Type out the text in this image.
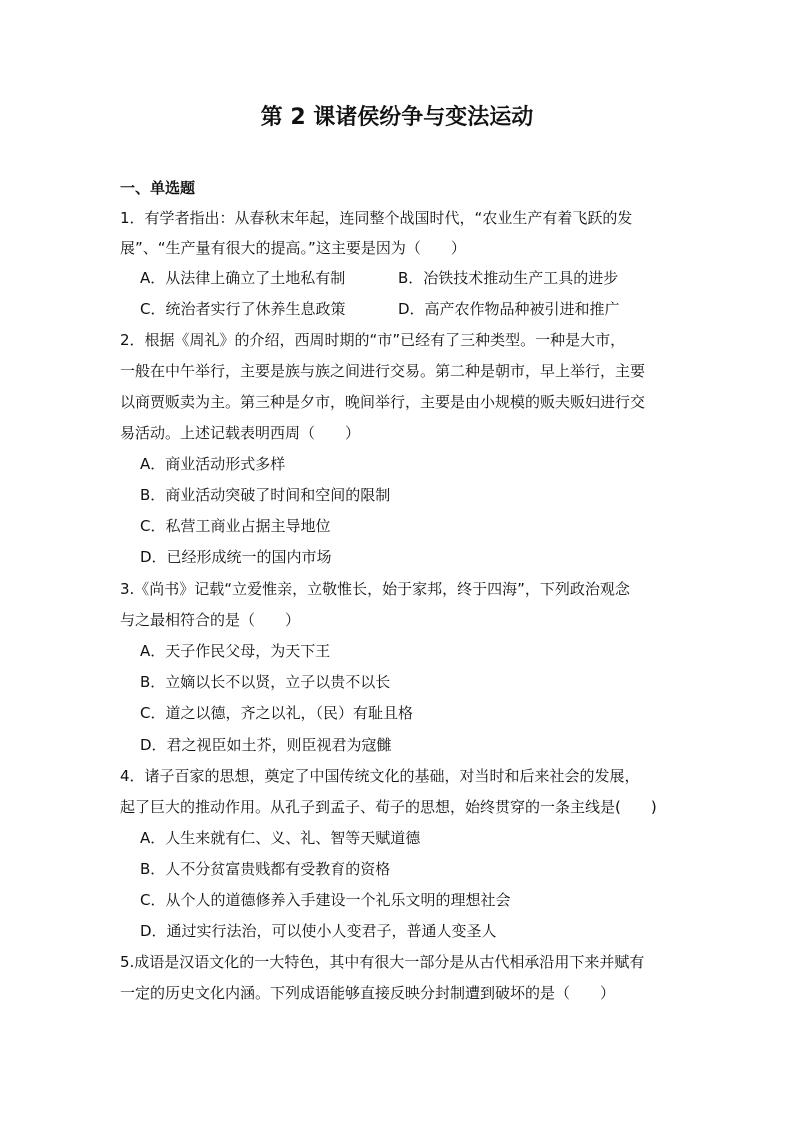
第 2 课诸侯纷争与变法运动
一、单选题
1．有学者指出：从春秋末年起，连同整个战国时代，“农业生产有着飞跃的发
展”、“生产量有很大的提高。”这主要是因为（　　）
A．从法律上确立了土地私有制	B．冶铁技术推动生产工具的进步
C．统治者实行了休养生息政策	D．高产农作物品种被引进和推广
2．根据《周礼》的介绍，西周时期的“市”已经有了三种类型。一种是大市，
一般在中午举行，主要是族与族之间进行交易。第二种是朝市，早上举行，主要
以商贾贩卖为主。第三种是夕市，晚间举行，主要是由小规模的贩夫贩妇进行交
易活动。上述记载表明西周（　　）
A．商业活动形式多样
B．商业活动突破了时间和空间的限制
C．私营工商业占据主导地位
D．已经形成统一的国内市场
3.《尚书》记载“立爱惟亲，立敬惟长，始于家邦，终于四海”，下列政治观念
与之最相符合的是（　　）
A．天子作民父母，为天下王
B．立嫡以长不以贤，立子以贵不以长
C．道之以德，齐之以礼，（民）有耻且格
D．君之视臣如土芥，则臣视君为寇雠
4．诸子百家的思想，奠定了中国传统文化的基础，对当时和后来社会的发展，
起了巨大的推动作用。从孔子到孟子、荀子的思想，始终贯穿的一条主线是(　　)
A．人生来就有仁、义、礼、智等天赋道德
B．人不分贫富贵贱都有受教育的资格
C．从个人的道德修养入手建设一个礼乐文明的理想社会
D．通过实行法治，可以使小人变君子，普通人变圣人
5.成语是汉语文化的一大特色，其中有很大一部分是从古代相承沿用下来并赋有
一定的历史文化内涵。下列成语能够直接反映分封制遭到破坏的是（　　）
